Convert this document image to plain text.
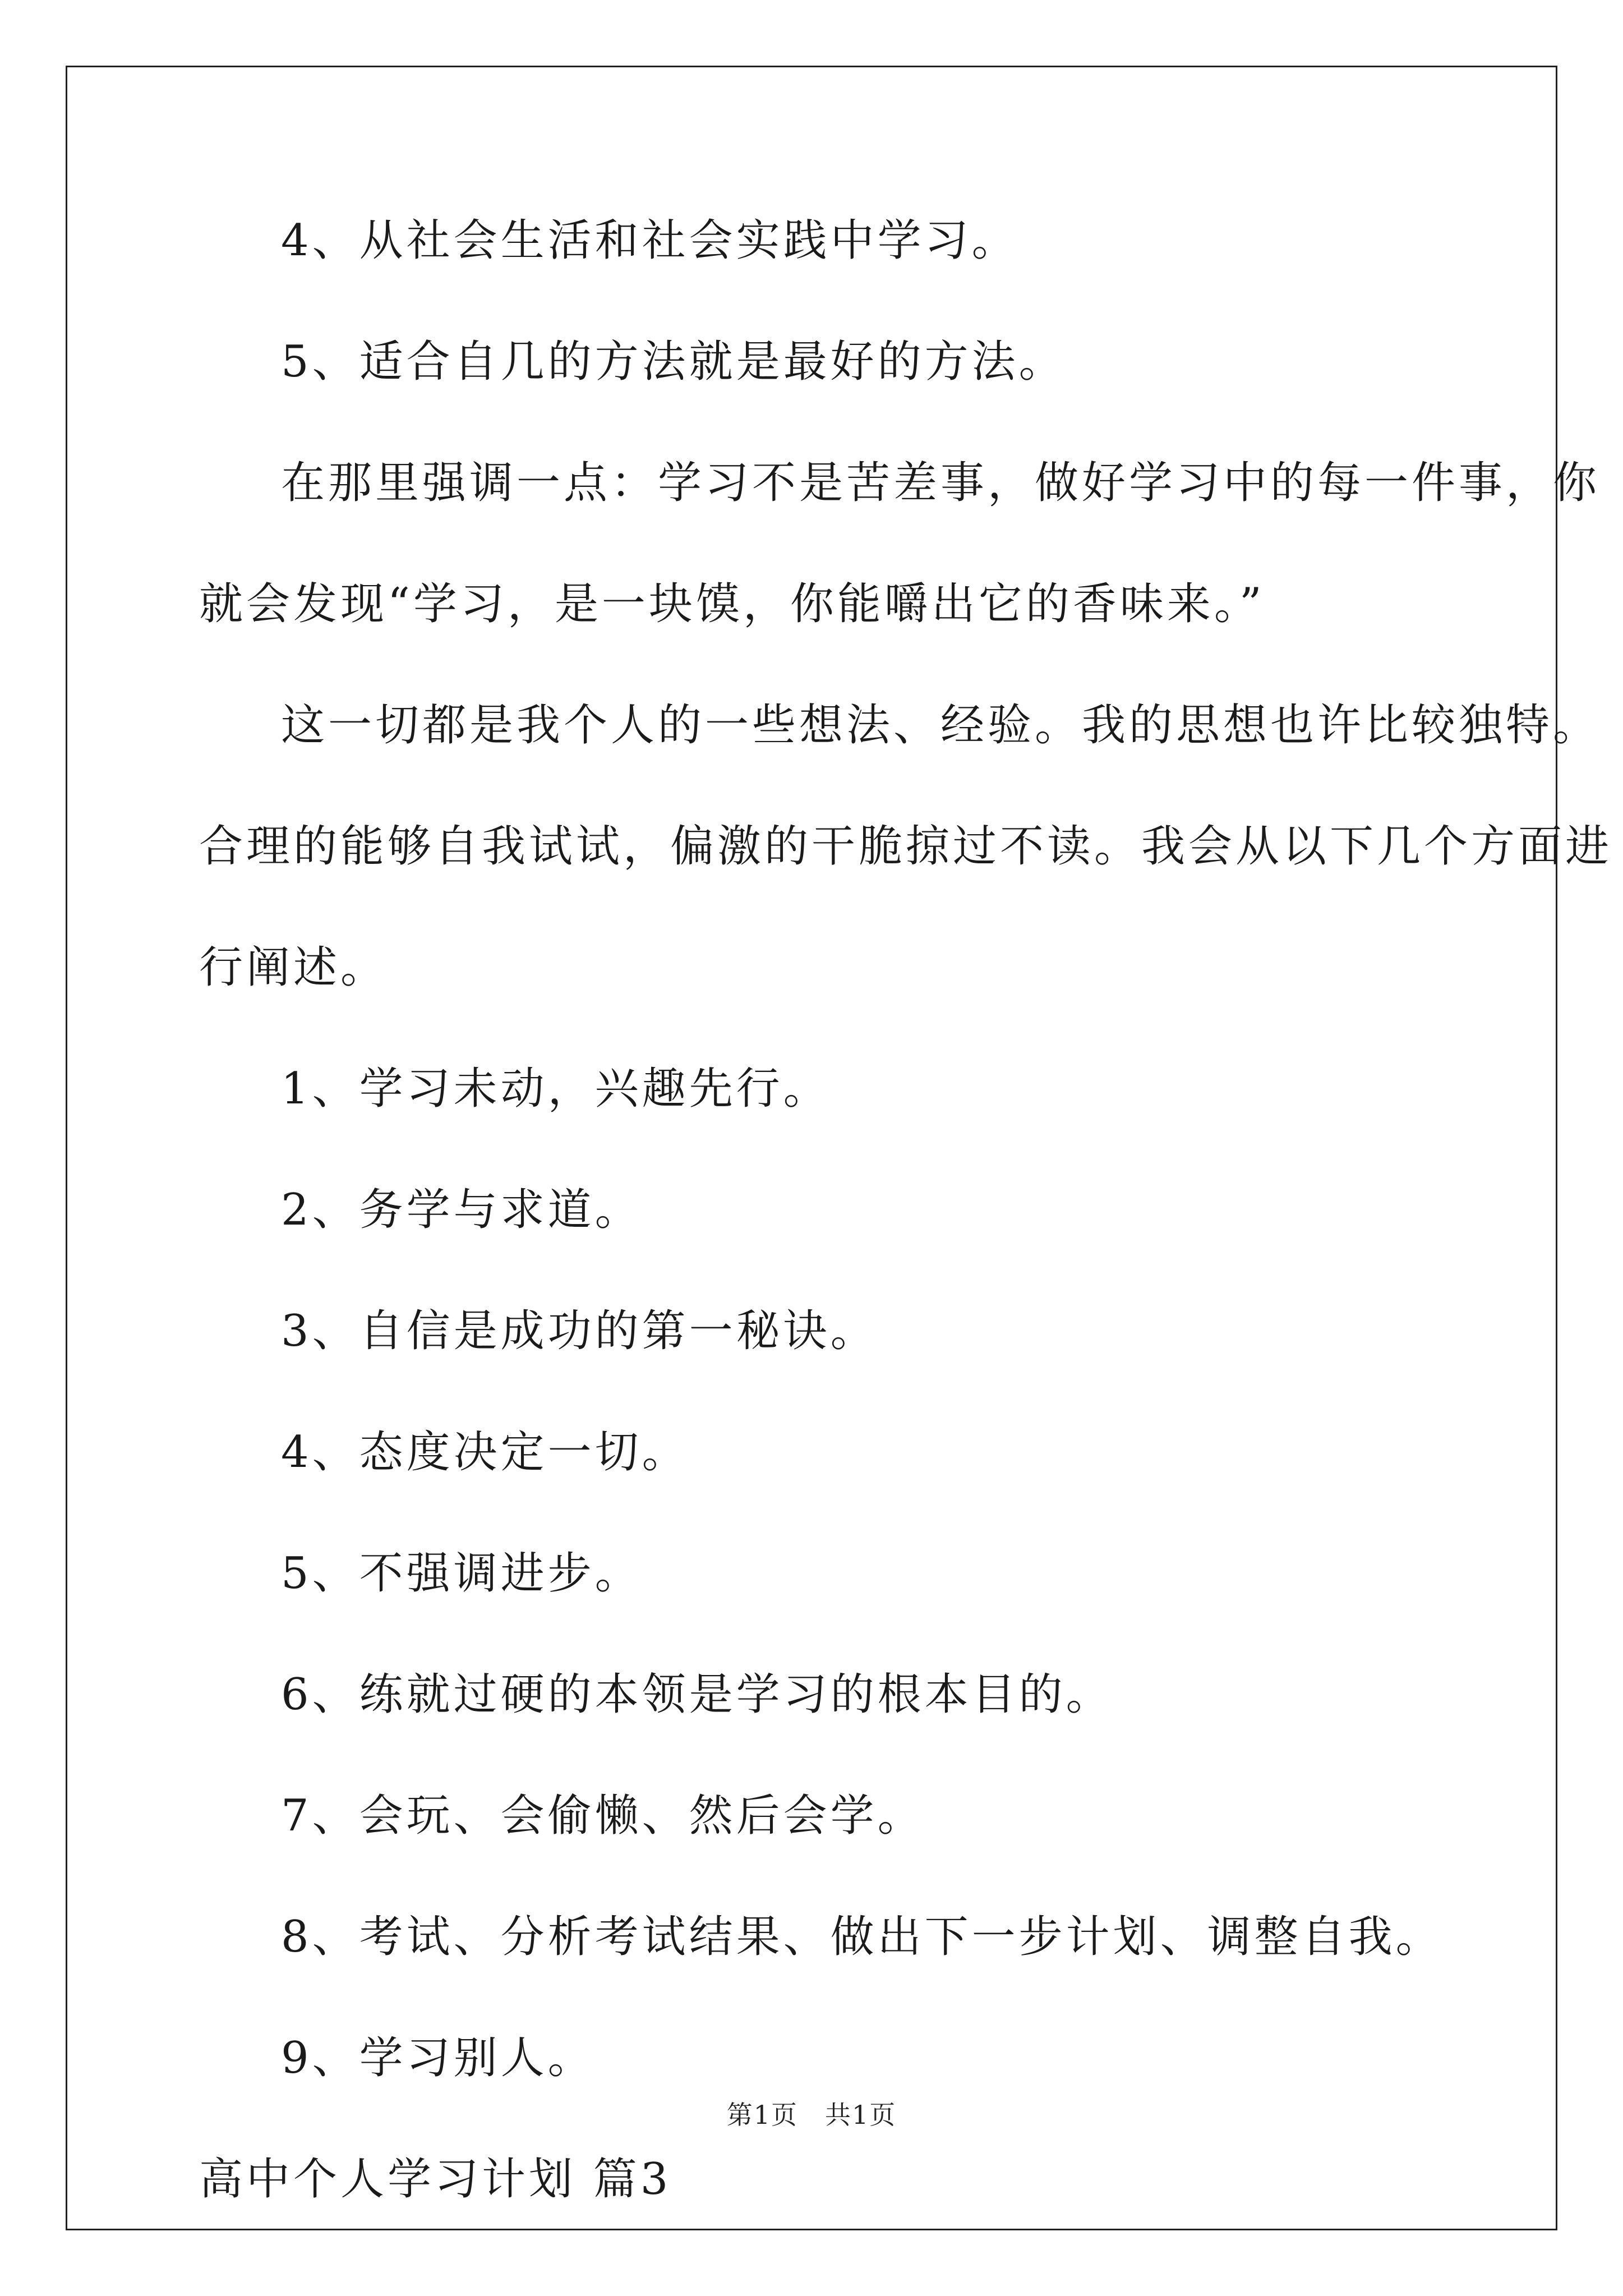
4、从社会生活和社会实践中学习。
5、适合自几的方法就是最好的方法。
在那里强调一点：学习不是苦差事，做好学习中的每一件事，你
就会发现“学习，是一块馍，你能嚼出它的香味来。”
这一切都是我个人的一些想法、经验。我的思想也许比较独特。
合理的能够自我试试，偏激的干脆掠过不读。我会从以下几个方面进
行阐述。
1、学习未动，兴趣先行。
2、务学与求道。
3、自信是成功的第一秘诀。
4、态度决定一切。
5、不强调进步。
6、练就过硬的本领是学习的根本目的。
7、会玩、会偷懒、然后会学。
8、考试、分析考试结果、做出下一步计划、调整自我。
9、学习别人。
高中个人学习计划 篇3
第1页　共1页
